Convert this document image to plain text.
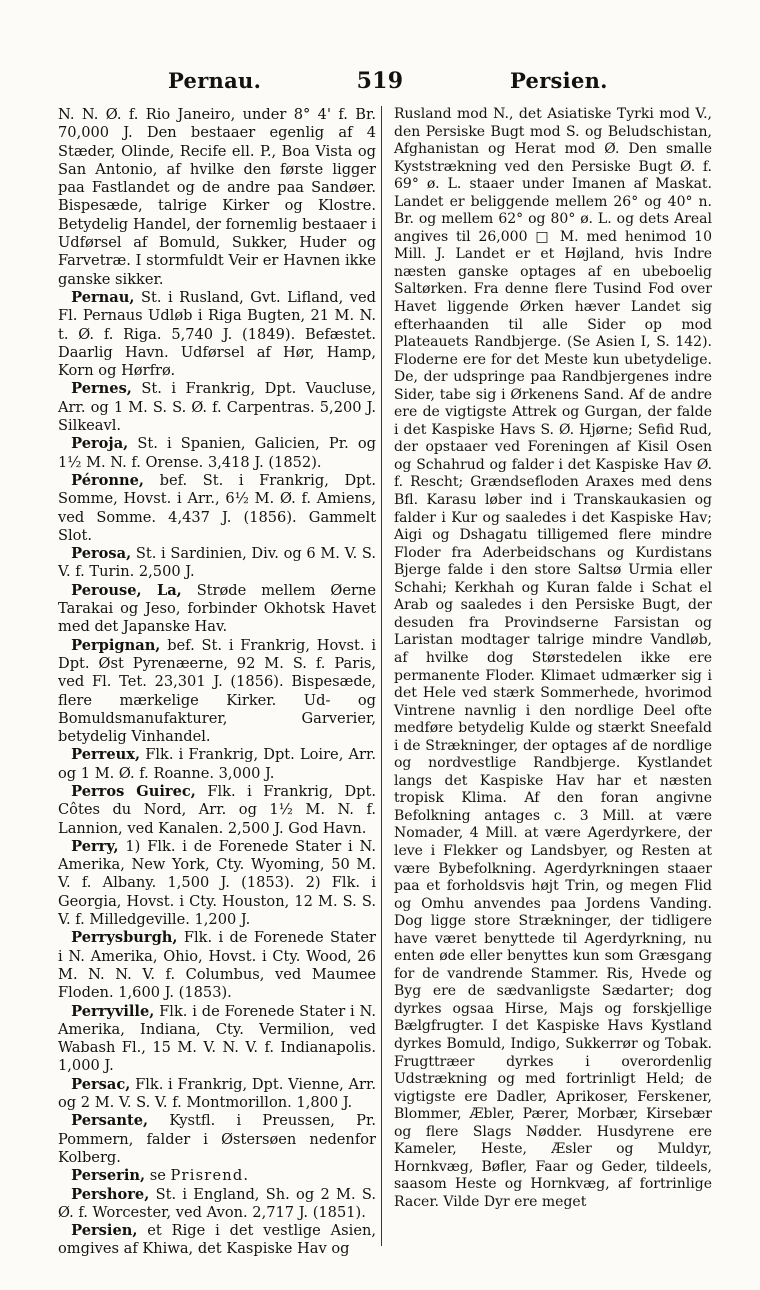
Pernau.	519	Persien.

N. N. Ø. f. Rio Janeiro, under 8° 4' f. Br. 70,000 J. Den bestaaer egenlig af 4 Stæder, Olinde, Recife ell. P., Boa Vista og San Antonio, af hvilke den første ligger paa Fastlandet og de andre paa Sandøer. Bispesæde, talrige Kirker og Klostre. Betydelig Handel, der fornemlig bestaaer i Udførsel af Bomuld, Sukker, Huder og Farvetræ. I stormfuldt Veir er Havnen ikke ganske sikker.

Pernau, St. i Rusland, Gvt. Lifland, ved Fl. Pernaus Udløb i Riga Bugten, 21 M. N. t. Ø. f. Riga. 5,740 J. (1849). Befæstet. Daarlig Havn. Udførsel af Hør, Hamp, Korn og Hørfrø.

Pernes, St. i Frankrig, Dpt. Vaucluse, Arr. og 1 M. S. S. Ø. f. Carpentras. 5,200 J. Silkeavl.

Peroja, St. i Spanien, Galicien, Pr. og 1½ M. N. f. Orense. 3,418 J. (1852).

Péronne, bef. St. i Frankrig, Dpt. Somme, Hovst. i Arr., 6½ M. Ø. f. Amiens, ved Somme. 4,437 J. (1856). Gammelt Slot.

Perosa, St. i Sardinien, Div. og 6 M. V. S. V. f. Turin. 2,500 J.

Perouse, La, Strøde mellem Øerne Tarakai og Jeso, forbinder Okhotsk Havet med det Japanske Hav.

Perpignan, bef. St. i Frankrig, Hovst. i Dpt. Øst Pyrenæerne, 92 M. S. f. Paris, ved Fl. Tet. 23,301 J. (1856). Bispesæde, flere mærkelige Kirker. Ud- og Bomuldsmanufakturer, Garverier, betydelig Vinhandel.

Perreux, Flk. i Frankrig, Dpt. Loire, Arr. og 1 M. Ø. f. Roanne. 3,000 J.

Perros Guirec, Flk. i Frankrig, Dpt. Côtes du Nord, Arr. og 1½ M. N. f. Lannion, ved Kanalen. 2,500 J. God Havn.

Perry, 1) Flk. i de Forenede Stater i N. Amerika, New York, Cty. Wyoming, 50 M. V. f. Albany. 1,500 J. (1853). 2) Flk. i Georgia, Hovst. i Cty. Houston, 12 M. S. S. V. f. Milledgeville. 1,200 J.

Perrysburgh, Flk. i de Forenede Stater i N. Amerika, Ohio, Hovst. i Cty. Wood, 26 M. N. N. V. f. Columbus, ved Maumee Floden. 1,600 J. (1853).

Perryville, Flk. i de Forenede Stater i N. Amerika, Indiana, Cty. Vermilion, ved Wabash Fl., 15 M. V. N. V. f. Indianapolis. 1,000 J.

Persac, Flk. i Frankrig, Dpt. Vienne, Arr. og 2 M. V. S. V. f. Montmorillon. 1,800 J.

Persante, Kystfl. i Preussen, Pr. Pommern, falder i Østersøen nedenfor Kolberg.

Perserin, se Prisrend.

Pershore, St. i England, Sh. og 2 M. S. Ø. f. Worcester, ved Avon. 2,717 J. (1851).

Persien, et Rige i det vestlige Asien, omgives af Khiwa, det Kaspiske Hav og

Rusland mod N., det Asiatiske Tyrki mod V., den Persiske Bugt mod S. og Beludschistan, Afghanistan og Herat mod Ø. Den smalle Kyststrækning ved den Persiske Bugt Ø. f. 69° ø. L. staaer under Imanen af Maskat. Landet er beliggende mellem 26° og 40° n. Br. og mellem 62° og 80° ø. L. og dets Areal angives til 26,000 □ M. med henimod 10 Mill. J. Landet er et Højland, hvis Indre næsten ganske optages af en ubeboelig Saltørken. Fra denne flere Tusind Fod over Havet liggende Ørken hæver Landet sig efterhaanden til alle Sider op mod Plateauets Randbjerge. (Se Asien I, S. 142). Floderne ere for det Meste kun ubetydelige. De, der udspringe paa Randbjergenes indre Sider, tabe sig i Ørkenens Sand. Af de andre ere de vigtigste Attrek og Gurgan, der falde i det Kaspiske Havs S. Ø. Hjørne; Sefid Rud, der opstaaer ved Foreningen af Kisil Osen og Schahrud og falder i det Kaspiske Hav Ø. f. Rescht; Grændsefloden Araxes med dens Bfl. Karasu løber ind i Transkaukasien og falder i Kur og saaledes i det Kaspiske Hav; Aigi og Dshagatu tilligemed flere mindre Floder fra Aderbeidschans og Kurdistans Bjerge falde i den store Saltsø Urmia eller Schahi; Kerkhah og Kuran falde i Schat el Arab og saaledes i den Persiske Bugt, der desuden fra Provindserne Farsistan og Laristan modtager talrige mindre Vandløb, af hvilke dog Størstedelen ikke ere permanente Floder. Klimaet udmærker sig i det Hele ved stærk Sommerhede, hvorimod Vintrene navnlig i den nordlige Deel ofte medføre betydelig Kulde og stærkt Sneefald i de Strækninger, der optages af de nordlige og nordvestlige Randbjerge. Kystlandet langs det Kaspiske Hav har et næsten tropisk Klima. Af den foran angivne Befolkning antages c. 3 Mill. at være Nomader, 4 Mill. at være Agerdyrkere, der leve i Flekker og Landsbyer, og Resten at være Bybefolkning. Agerdyrkningen staaer paa et forholdsvis højt Trin, og megen Flid og Omhu anvendes paa Jordens Vanding. Dog ligge store Strækninger, der tidligere have været benyttede til Agerdyrkning, nu enten øde eller benyttes kun som Græsgang for de vandrende Stammer. Ris, Hvede og Byg ere de sædvanligste Sædarter; dog dyrkes ogsaa Hirse, Majs og forskjellige Bælgfrugter. I det Kaspiske Havs Kystland dyrkes Bomuld, Indigo, Sukkerrør og Tobak. Frugttræer dyrkes i overordenlig Udstrækning og med fortrinligt Held; de vigtigste ere Dadler, Aprikoser, Ferskener, Blommer, Æbler, Pærer, Morbær, Kirsebær og flere Slags Nødder. Husdyrene ere Kameler, Heste, Æsler og Muldyr, Hornkvæg, Bøfler, Faar og Geder, tildeels, saasom Heste og Hornkvæg, af fortrinlige Racer. Vilde Dyr ere meget
